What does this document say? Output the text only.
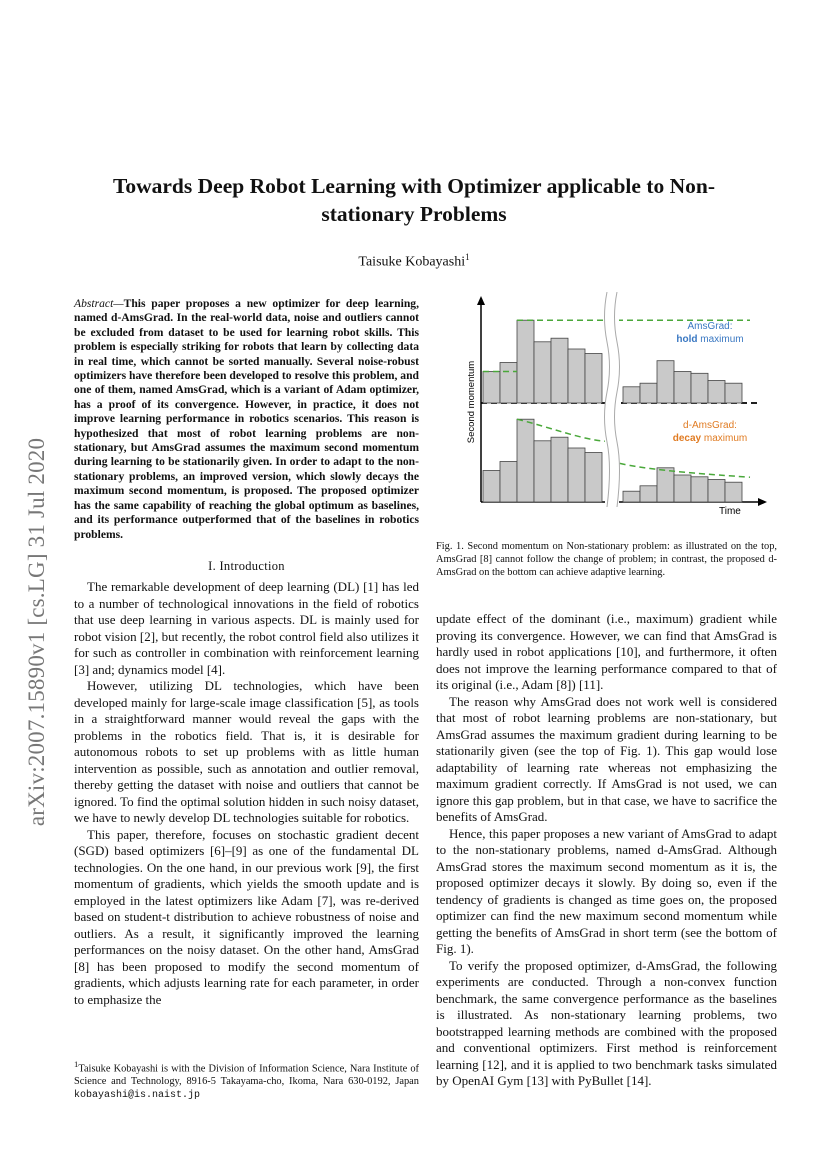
arXiv:2007.15890v1 [cs.LG] 31 Jul 2020
Towards Deep Robot Learning with Optimizer applicable to Non-stationary Problems
Taisuke Kobayashi$^1$
Abstract—This paper proposes a new optimizer for deep learning, named d-AmsGrad. In the real-world data, noise and outliers cannot be excluded from dataset to be used for learning robot skills. This problem is especially striking for robots that learn by collecting data in real time, which cannot be sorted manually. Several noise-robust optimizers have therefore been developed to resolve this problem, and one of them, named AmsGrad, which is a variant of Adam optimizer, has a proof of its convergence. However, in practice, it does not improve learning performance in robotics scenarios. This reason is hypothesized that most of robot learning problems are non-stationary, but AmsGrad assumes the maximum second momentum during learning to be stationarily given. In order to adapt to the non-stationary problems, an improved version, which slowly decays the maximum second momentum, is proposed. The proposed optimizer has the same capability of reaching the global optimum as baselines, and its performance outperformed that of the baselines in robotics problems.
I. Introduction

The remarkable development of deep learning (DL) [1] has led to a number of technological innovations in the field of robotics that use deep learning in various aspects. DL is mainly used for robot vision [2], but recently, the robot control field also utilizes it for such as controller in combination with reinforcement learning [3] and; dynamics model [4].

However, utilizing DL technologies, which have been developed mainly for large-scale image classification [5], as tools in a straightforward manner would reveal the gaps with the problems in the robotics field. That is, it is desirable for autonomous robots to set up problems with as little human intervention as possible, such as annotation and outlier removal, thereby getting the dataset with noise and outliers that cannot be ignored. To find the optimal solution hidden in such noisy dataset, we have to newly develop DL technologies suitable for robotics.

This paper, therefore, focuses on stochastic gradient decent (SGD) based optimizers [6]–[9] as one of the fundamental DL technologies. On the one hand, in our previous work [9], the first momentum of gradients, which yields the smooth update and is employed in the latest optimizers like Adam [7], was re-derived based on student-t distribution to achieve robustness of noise and outliers. As a result, it significantly improved the learning performances on the noisy dataset. On the other hand, AmsGrad [8] has been proposed to modify the second momentum of gradients, which adjusts learning rate for each parameter, in order to emphasize the

$^1$Taisuke Kobayashi is with the Division of Information Science, Nara Institute of Science and Technology, 8916-5 Takayama-cho, Ikoma, Nara 630-0192, Japan kobayashi@is.naist.jp
Second momentum
Time
AmsGrad:
hold maximum
d-AmsGrad:
decay maximum
Fig. 1. Second momentum on Non-stationary problem: as illustrated on the top, AmsGrad [8] cannot follow the change of problem; in contrast, the proposed d-AmsGrad on the bottom can achieve adaptive learning.

update effect of the dominant (i.e., maximum) gradient while proving its convergence. However, we can find that AmsGrad is hardly used in robot applications [10], and furthermore, it often does not improve the learning performance compared to that of its original (i.e., Adam [8]) [11].

The reason why AmsGrad does not work well is considered that most of robot learning problems are non-stationary, but AmsGrad assumes the maximum gradient during learning to be stationarily given (see the top of Fig. 1). This gap would lose adaptability of learning rate whereas not emphasizing the maximum gradient correctly. If AmsGrad is not used, we can ignore this gap problem, but in that case, we have to sacrifice the benefits of AmsGrad.

Hence, this paper proposes a new variant of AmsGrad to adapt to the non-stationary problems, named d-AmsGrad. Although AmsGrad stores the maximum second momentum as it is, the proposed optimizer decays it slowly. By doing so, even if the tendency of gradients is changed as time goes on, the proposed optimizer can find the new maximum second momentum while getting the benefits of AmsGrad in short term (see the bottom of Fig. 1).

To verify the proposed optimizer, d-AmsGrad, the following experiments are conducted. Through a non-convex function benchmark, the same convergence performance as the baselines is illustrated. As non-stationary learning problems, two bootstrapped learning methods are combined with the proposed and conventional optimizers. First method is reinforcement learning [12], and it is applied to two benchmark tasks simulated by OpenAI Gym [13] with PyBullet [14].
